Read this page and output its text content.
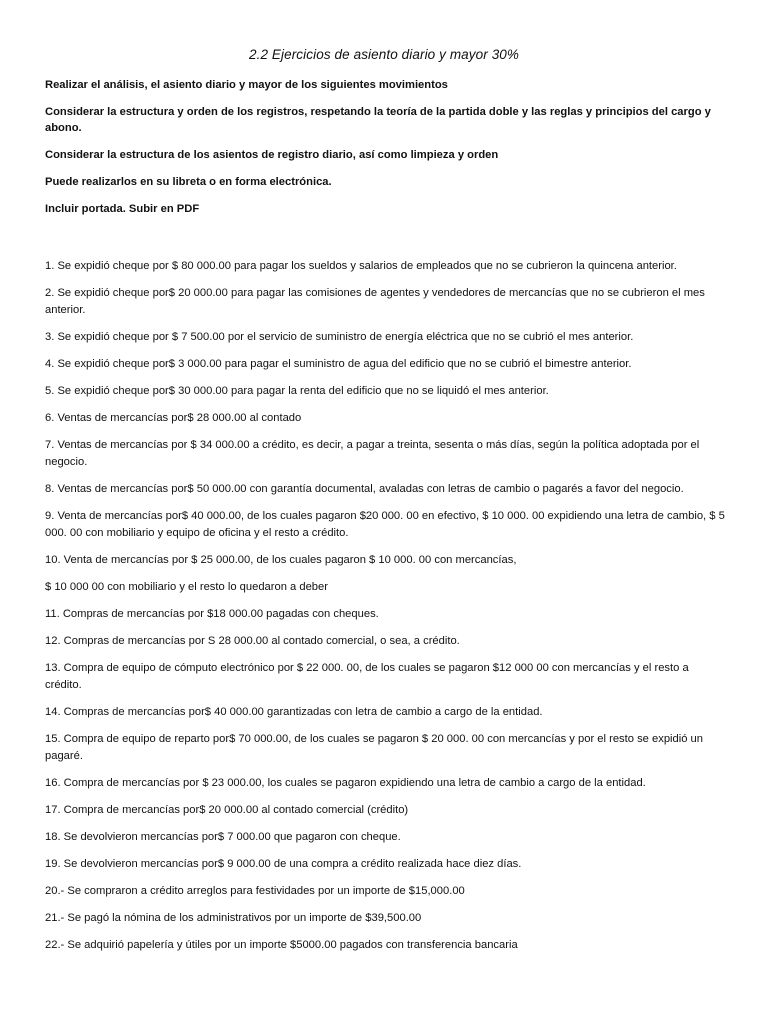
2.2 Ejercicios de asiento diario y mayor 30%

Realizar el análisis, el asiento diario y mayor de los siguientes movimientos

Considerar la estructura y orden de los registros, respetando la teoría de la partida doble y las reglas y principios del cargo y abono.

Considerar la estructura de los asientos de registro diario, así como limpieza y orden

Puede realizarlos en su libreta o en forma electrónica.

Incluir portada. Subir en PDF

1. Se expidió cheque por $ 80 000.00 para pagar los sueldos y salarios de empleados que no se cubrieron la quincena anterior.

2. Se expidió cheque por$ 20 000.00 para pagar las comisiones de agentes y vendedores de mercancías que no se cubrieron el mes anterior.

3. Se expidió cheque por $ 7 500.00 por el servicio de suministro de energía eléctrica que no se cubrió el mes anterior.

4. Se expidió cheque por$ 3 000.00 para pagar el suministro de agua del edificio que no se cubrió el bimestre anterior.

5. Se expidió cheque por$ 30 000.00 para pagar la renta del edificio que no se liquidó el mes anterior.

6. Ventas de mercancías por$ 28 000.00 al contado

7. Ventas de mercancías por $ 34 000.00 a crédito, es decir, a pagar a treinta, sesenta o más días, según la política adoptada por el negocio.

8. Ventas de mercancías por$ 50 000.00 con garantía documental, avaladas con letras de cambio o pagarés a favor del negocio.

9. Venta de mercancías por$ 40 000.00, de los cuales pagaron $20 000. 00 en efectivo, $ 10 000. 00 expidiendo una letra de cambio, $ 5 000. 00 con mobiliario y equipo de oficina y el resto a crédito.

10. Venta de mercancías por $ 25 000.00, de los cuales pagaron $ 10 000. 00 con mercancías,

$ 10 000 00 con mobiliario y el resto lo quedaron a deber

11. Compras de mercancías por $18 000.00 pagadas con cheques.

12. Compras de mercancías por S 28 000.00 al contado comercial, o sea, a crédito.

13. Compra de equipo de cómputo electrónico por $ 22 000. 00, de los cuales se pagaron $12 000 00 con mercancías y el resto a crédito.

14. Compras de mercancías por$ 40 000.00 garantizadas con letra de cambio a cargo de la entidad.

15. Compra de equipo de reparto por$ 70 000.00, de los cuales se pagaron $ 20 000. 00 con mercancías y por el resto se expidió un pagaré.

16. Compra de mercancías por $ 23 000.00, los cuales se pagaron expidiendo una letra de cambio a cargo de la entidad.

17. Compra de mercancías por$ 20 000.00 al contado comercial (crédito)

18. Se devolvieron mercancías por$ 7 000.00 que pagaron con cheque.

19. Se devolvieron mercancías por$ 9 000.00 de una compra a crédito realizada hace diez días.

20.- Se compraron a crédito arreglos para festividades por un importe de $15,000.00

21.- Se pagó la nómina de los administrativos por un importe de $39,500.00

22.- Se adquirió papelería y útiles por un importe $5000.00 pagados con transferencia bancaria
